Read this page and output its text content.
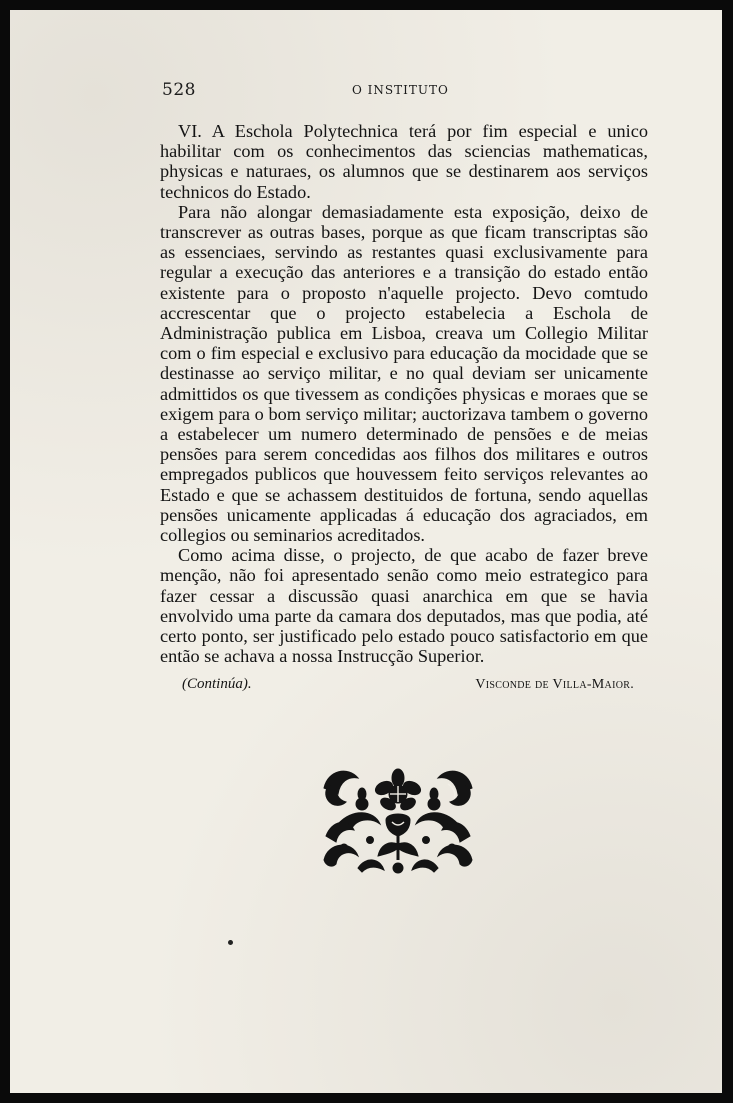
528	O INSTITUTO

VI. A Eschola Polytechnica terá por fim especial e unico habilitar com os conhecimentos das sciencias mathematicas, physicas e naturaes, os alumnos que se destinarem aos serviços technicos do Estado.

Para não alongar demasiadamente esta exposição, deixo de transcrever as outras bases, porque as que ficam transcriptas são as essenciaes, servindo as restantes quasi exclusivamente para regular a execução das anteriores e a transição do estado então existente para o proposto n'aquelle projecto. Devo comtudo accrescentar que o projecto estabelecia a Eschola de Administração publica em Lisboa, creava um Collegio Militar com o fim especial e exclusivo para educação da mocidade que se destinasse ao serviço militar, e no qual deviam ser unicamente admittidos os que tivessem as condições physicas e moraes que se exigem para o bom serviço militar; auctorizava tambem o governo a estabelecer um numero determinado de pensões e de meias pensões para serem concedidas aos filhos dos militares e outros empregados publicos que houvessem feito serviços relevantes ao Estado e que se achassem destituidos de fortuna, sendo aquellas pensões unicamente applicadas á educação dos agraciados, em collegios ou seminarios acreditados.

Como acima disse, o projecto, de que acabo de fazer breve menção, não foi apresentado senão como meio estrategico para fazer cessar a discussão quasi anarchica em que se havia envolvido uma parte da camara dos deputados, mas que podia, até certo ponto, ser justificado pelo estado pouco satisfactorio em que então se achava a nossa Instrucção Superior.

(Continúa).	Visconde de Villa-Maior.
